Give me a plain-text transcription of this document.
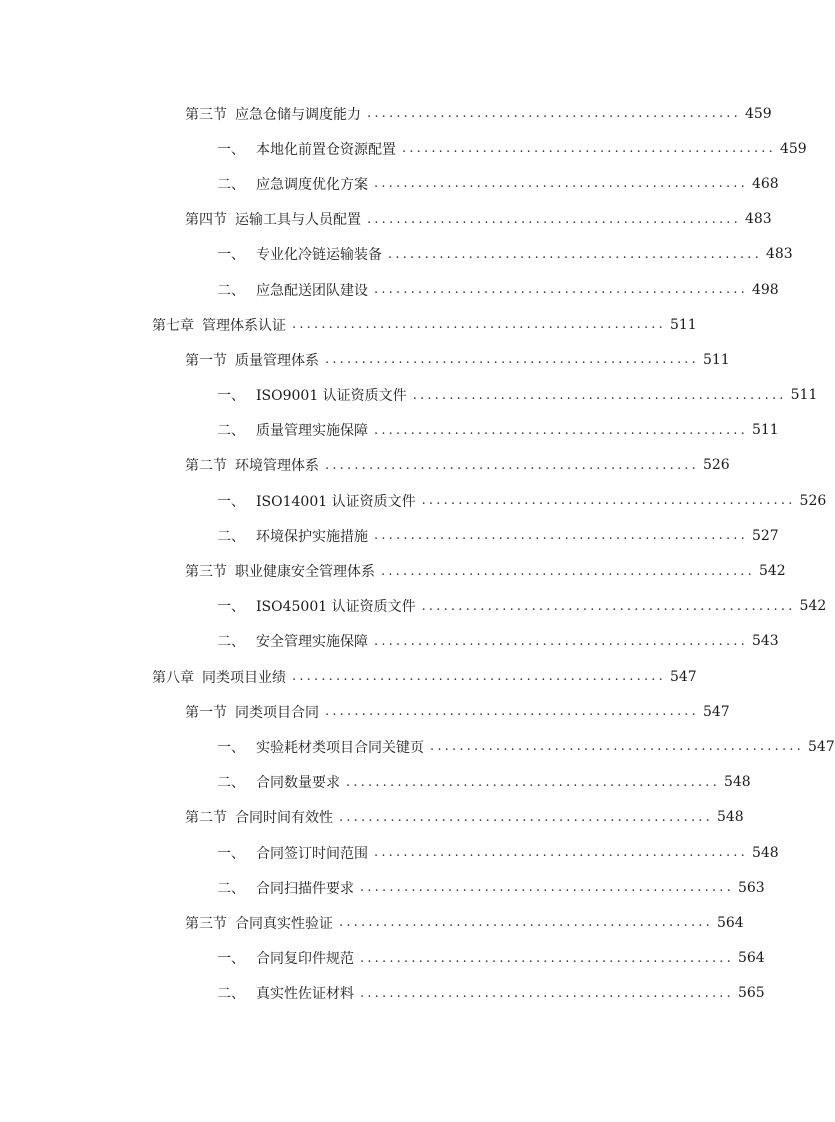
第三节 应急仓储与调度能力 ................................................... 459
一、 本地化前置仓资源配置 ................................................... 459
二、 应急调度优化方案 ................................................... 468
第四节 运输工具与人员配置 ................................................... 483
一、 专业化冷链运输装备 ................................................... 483
二、 应急配送团队建设 ................................................... 498
第七章 管理体系认证 ................................................... 511
第一节 质量管理体系 ................................................... 511
一、 ISO9001 认证资质文件 ................................................... 511
二、 质量管理实施保障 ................................................... 511
第二节 环境管理体系 ................................................... 526
一、 ISO14001 认证资质文件 ................................................... 526
二、 环境保护实施措施 ................................................... 527
第三节 职业健康安全管理体系 ................................................... 542
一、 ISO45001 认证资质文件 ................................................... 542
二、 安全管理实施保障 ................................................... 543
第八章 同类项目业绩 ................................................... 547
第一节 同类项目合同 ................................................... 547
一、 实验耗材类项目合同关键页 ................................................... 547
二、 合同数量要求 ................................................... 548
第二节 合同时间有效性 ................................................... 548
一、 合同签订时间范围 ................................................... 548
二、 合同扫描件要求 ................................................... 563
第三节 合同真实性验证 ................................................... 564
一、 合同复印件规范 ................................................... 564
二、 真实性佐证材料 ................................................... 565
